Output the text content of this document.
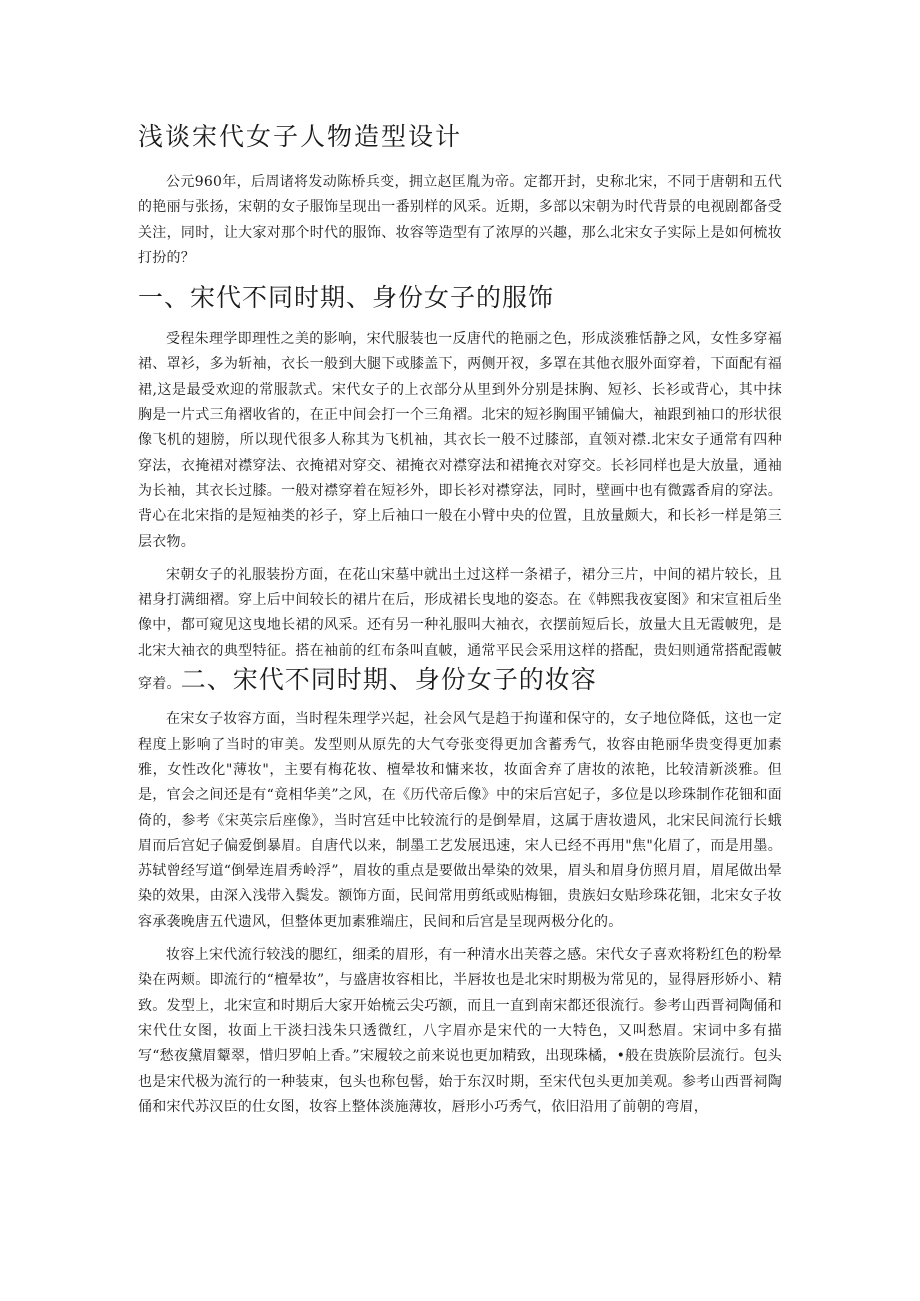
浅谈宋代女子人物造型设计

公元960年，后周诸将发动陈桥兵变，拥立赵匡胤为帝。定都开封，史称北宋，不同于唐朝和五代的艳丽与张扬，宋朝的女子服饰呈现出一番别样的风采。近期，多部以宋朝为时代背景的电视剧都备受关注，同时，让大家对那个时代的服饰、妆容等造型有了浓厚的兴趣，那么北宋女子实际上是如何梳妆打扮的？

一、宋代不同时期、身份女子的服饰

受程朱理学即理性之美的影响，宋代服装也一反唐代的艳丽之色，形成淡雅恬静之风，女性多穿褔裙、罩衫，多为斩袖，衣长一般到大腿下或膝盖下，两侧开衩，多罩在其他衣服外面穿着，下面配有福裙,这是最受欢迎的常服款式。宋代女子的上衣部分从里到外分别是抹胸、短衫、长衫或背心，其中抹胸是一片式三角褶收省的，在正中间会打一个三角褶。北宋的短衫胸围平铺偏大，袖跟到袖口的形状很像飞机的翅膀，所以现代很多人称其为飞机袖，其衣长一般不过膝部，直领对襟.北宋女子通常有四种穿法，衣掩裙对襟穿法、衣掩裙对穿交、裙掩衣对襟穿法和裙掩衣对穿交。长衫同样也是大放量，通袖为长袖，其衣长过膝。一般对襟穿着在短衫外，即长衫对襟穿法，同时，壁画中也有微露香肩的穿法。背心在北宋指的是短袖类的衫子，穿上后袖口一般在小臂中央的位置，且放量颇大，和长衫一样是第三层衣物。

宋朝女子的礼服装扮方面，在花山宋墓中就出土过这样一条裙子，裙分三片，中间的裙片较长，且裙身打满细褶。穿上后中间较长的裙片在后，形成裙长曳地的姿态。在《韩熙我夜宴图》和宋宣祖后坐像中，都可窥见这曳地长裙的风采。还有另一种礼服叫大袖衣，衣摆前短后长，放量大且无霞帔兜，是北宋大袖衣的典型特征。搭在袖前的红布条叫直帔，通常平民会采用这样的搭配，贵妇则通常搭配霞帔穿着。二、宋代不同时期、身份女子的妆容

在宋女子妆容方面，当时程朱理学兴起，社会风气是趋于拘谨和保守的，女子地位降低，这也一定程度上影响了当时的审美。发型则从原先的大气夸张变得更加含蓄秀气，妆容由艳丽华贵变得更加素雅，女性改化"薄妆"，主要有梅花妆、檀晕妆和慵来妆，妆面舍弃了唐妆的浓艳，比较清新淡雅。但是，官会之间还是有“竟相华美”之风，在《历代帝后像》中的宋后宫妃子，多位是以珍珠制作花钿和面倚的，参考《宋英宗后座像》，当时宫廷中比较流行的是倒晕眉，这属于唐妆遗风，北宋民间流行长蛾眉而后宫妃子偏爱倒暴眉。自唐代以来，制墨工艺发展迅速，宋人已经不再用"焦"化眉了，而是用墨。苏轼曾经写道“倒晕连眉秀岭浮”，眉妆的重点是要做出晕染的效果，眉头和眉身仿照月眉，眉尾做出晕染的效果，由深入浅带入鬓发。额饰方面，民间常用剪纸或贴梅钿，贵族妇女贴珍珠花钿，北宋女子妆容承袭晚唐五代遗风，但整体更加素雅端庄，民间和后宫是呈现两极分化的。

妆容上宋代流行较浅的腮红，细柔的眉形，有一种清水出芙蓉之感。宋代女子喜欢将粉红色的粉晕染在两颊。即流行的“檀晕妆”，与盛唐妆容相比，半唇妆也是北宋时期极为常见的，显得唇形娇小、精致。发型上，北宋宣和时期后大家开始梳云尖巧额，而且一直到南宋都还很流行。参考山西晋祠陶俑和宋代仕女图，妆面上干淡扫浅朱只透微红，八字眉亦是宋代的一大特色，又叫愁眉。宋词中多有描写“愁夜黛眉颦翠，惜归罗帕上香。”宋履较之前来说也更加精致，出现珠橘，•般在贵族阶层流行。包头也是宋代极为流行的一种装束，包头也称包髻，始于东汉时期，至宋代包头更加美观。参考山西晋祠陶俑和宋代苏汉臣的仕女图，妆容上整体淡施薄妆，唇形小巧秀气，依旧沿用了前朝的弯眉，
